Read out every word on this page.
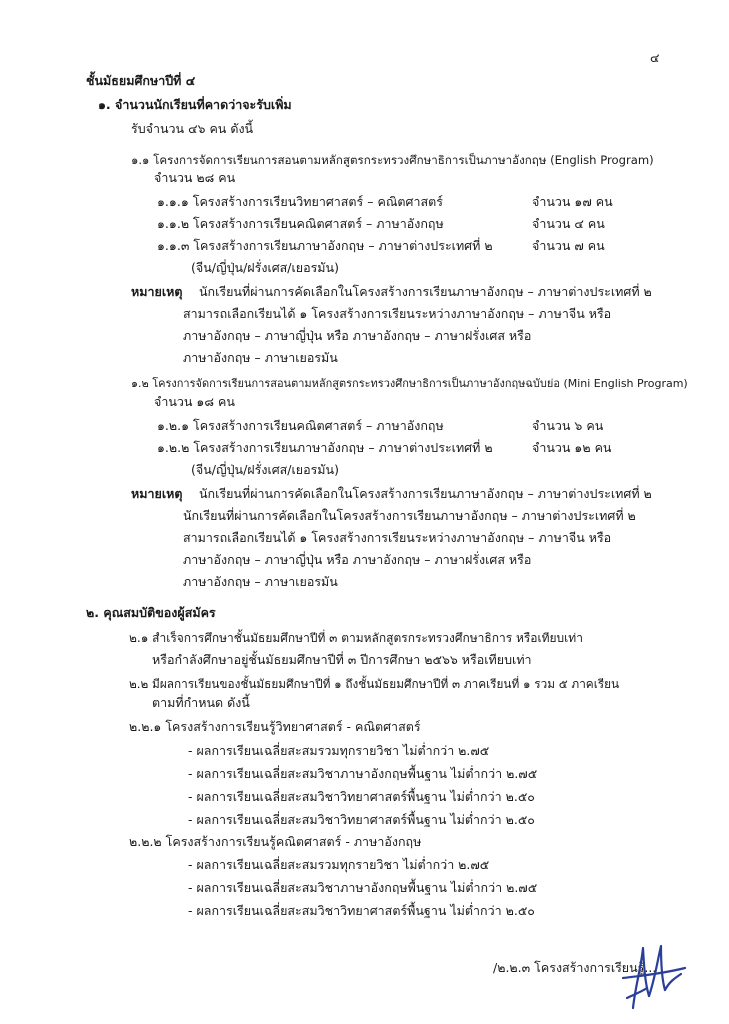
๔
ชั้นมัธยมศึกษาปีที่ ๔
๑. จำนวนนักเรียนที่คาดว่าจะรับเพิ่ม
รับจำนวน ๔๖ คน ดังนี้
๑.๑ โครงการจัดการเรียนการสอนตามหลักสูตรกระทรวงศึกษาธิการเป็นภาษาอังกฤษ (English Program)
จำนวน ๒๘ คน
๑.๑.๑ โครงสร้างการเรียนวิทยาศาสตร์ – คณิตศาสตร์	จำนวน ๑๗ คน
๑.๑.๒ โครงสร้างการเรียนคณิตศาสตร์ – ภาษาอังกฤษ	จำนวน ๔ คน
๑.๑.๓ โครงสร้างการเรียนภาษาอังกฤษ – ภาษาต่างประเทศที่ ๒	จำนวน ๗ คน
(จีน/ญี่ปุ่น/ฝรั่งเศส/เยอรมัน)
หมายเหตุ นักเรียนที่ผ่านการคัดเลือกในโครงสร้างการเรียนภาษาอังกฤษ – ภาษาต่างประเทศที่ ๒
สามารถเลือกเรียนได้ ๑ โครงสร้างการเรียนระหว่างภาษาอังกฤษ – ภาษาจีน หรือ
ภาษาอังกฤษ – ภาษาญี่ปุ่น หรือ ภาษาอังกฤษ – ภาษาฝรั่งเศส หรือ
ภาษาอังกฤษ – ภาษาเยอรมัน
๑.๒ โครงการจัดการเรียนการสอนตามหลักสูตรกระทรวงศึกษาธิการเป็นภาษาอังกฤษฉบับย่อ (Mini English Program)
จำนวน ๑๘ คน
๑.๒.๑ โครงสร้างการเรียนคณิตศาสตร์ – ภาษาอังกฤษ	จำนวน ๖ คน
๑.๒.๒ โครงสร้างการเรียนภาษาอังกฤษ – ภาษาต่างประเทศที่ ๒	จำนวน ๑๒ คน
(จีน/ญี่ปุ่น/ฝรั่งเศส/เยอรมัน)
หมายเหตุ นักเรียนที่ผ่านการคัดเลือกในโครงสร้างการเรียนภาษาอังกฤษ – ภาษาต่างประเทศที่ ๒
นักเรียนที่ผ่านการคัดเลือกในโครงสร้างการเรียนภาษาอังกฤษ – ภาษาต่างประเทศที่ ๒
สามารถเลือกเรียนได้ ๑ โครงสร้างการเรียนระหว่างภาษาอังกฤษ – ภาษาจีน หรือ
ภาษาอังกฤษ – ภาษาญี่ปุ่น หรือ ภาษาอังกฤษ – ภาษาฝรั่งเศส หรือ
ภาษาอังกฤษ – ภาษาเยอรมัน
๒. คุณสมบัติของผู้สมัคร
๒.๑ สำเร็จการศึกษาชั้นมัธยมศึกษาปีที่ ๓ ตามหลักสูตรกระทรวงศึกษาธิการ หรือเทียบเท่า
หรือกำลังศึกษาอยู่ชั้นมัธยมศึกษาปีที่ ๓ ปีการศึกษา ๒๕๖๖ หรือเทียบเท่า
๒.๒ มีผลการเรียนของชั้นมัธยมศึกษาปีที่ ๑ ถึงชั้นมัธยมศึกษาปีที่ ๓ ภาคเรียนที่ ๑ รวม ๕ ภาคเรียน
ตามที่กำหนด ดังนี้
๒.๒.๑ โครงสร้างการเรียนรู้วิทยาศาสตร์ - คณิตศาสตร์
- ผลการเรียนเฉลี่ยสะสมรวมทุกรายวิชา ไม่ต่ำกว่า ๒.๗๕
- ผลการเรียนเฉลี่ยสะสมวิชาภาษาอังกฤษพื้นฐาน ไม่ต่ำกว่า ๒.๗๕
- ผลการเรียนเฉลี่ยสะสมวิชาวิทยาศาสตร์พื้นฐาน ไม่ต่ำกว่า ๒.๕๐
- ผลการเรียนเฉลี่ยสะสมวิชาวิทยาศาสตร์พื้นฐาน ไม่ต่ำกว่า ๒.๕๐
๒.๒.๒ โครงสร้างการเรียนรู้คณิตศาสตร์ - ภาษาอังกฤษ
- ผลการเรียนเฉลี่ยสะสมรวมทุกรายวิชา ไม่ต่ำกว่า ๒.๗๕
- ผลการเรียนเฉลี่ยสะสมวิชาภาษาอังกฤษพื้นฐาน ไม่ต่ำกว่า ๒.๗๕
- ผลการเรียนเฉลี่ยสะสมวิชาวิทยาศาสตร์พื้นฐาน ไม่ต่ำกว่า ๒.๕๐
/๒.๒.๓ โครงสร้างการเรียนรู้...
